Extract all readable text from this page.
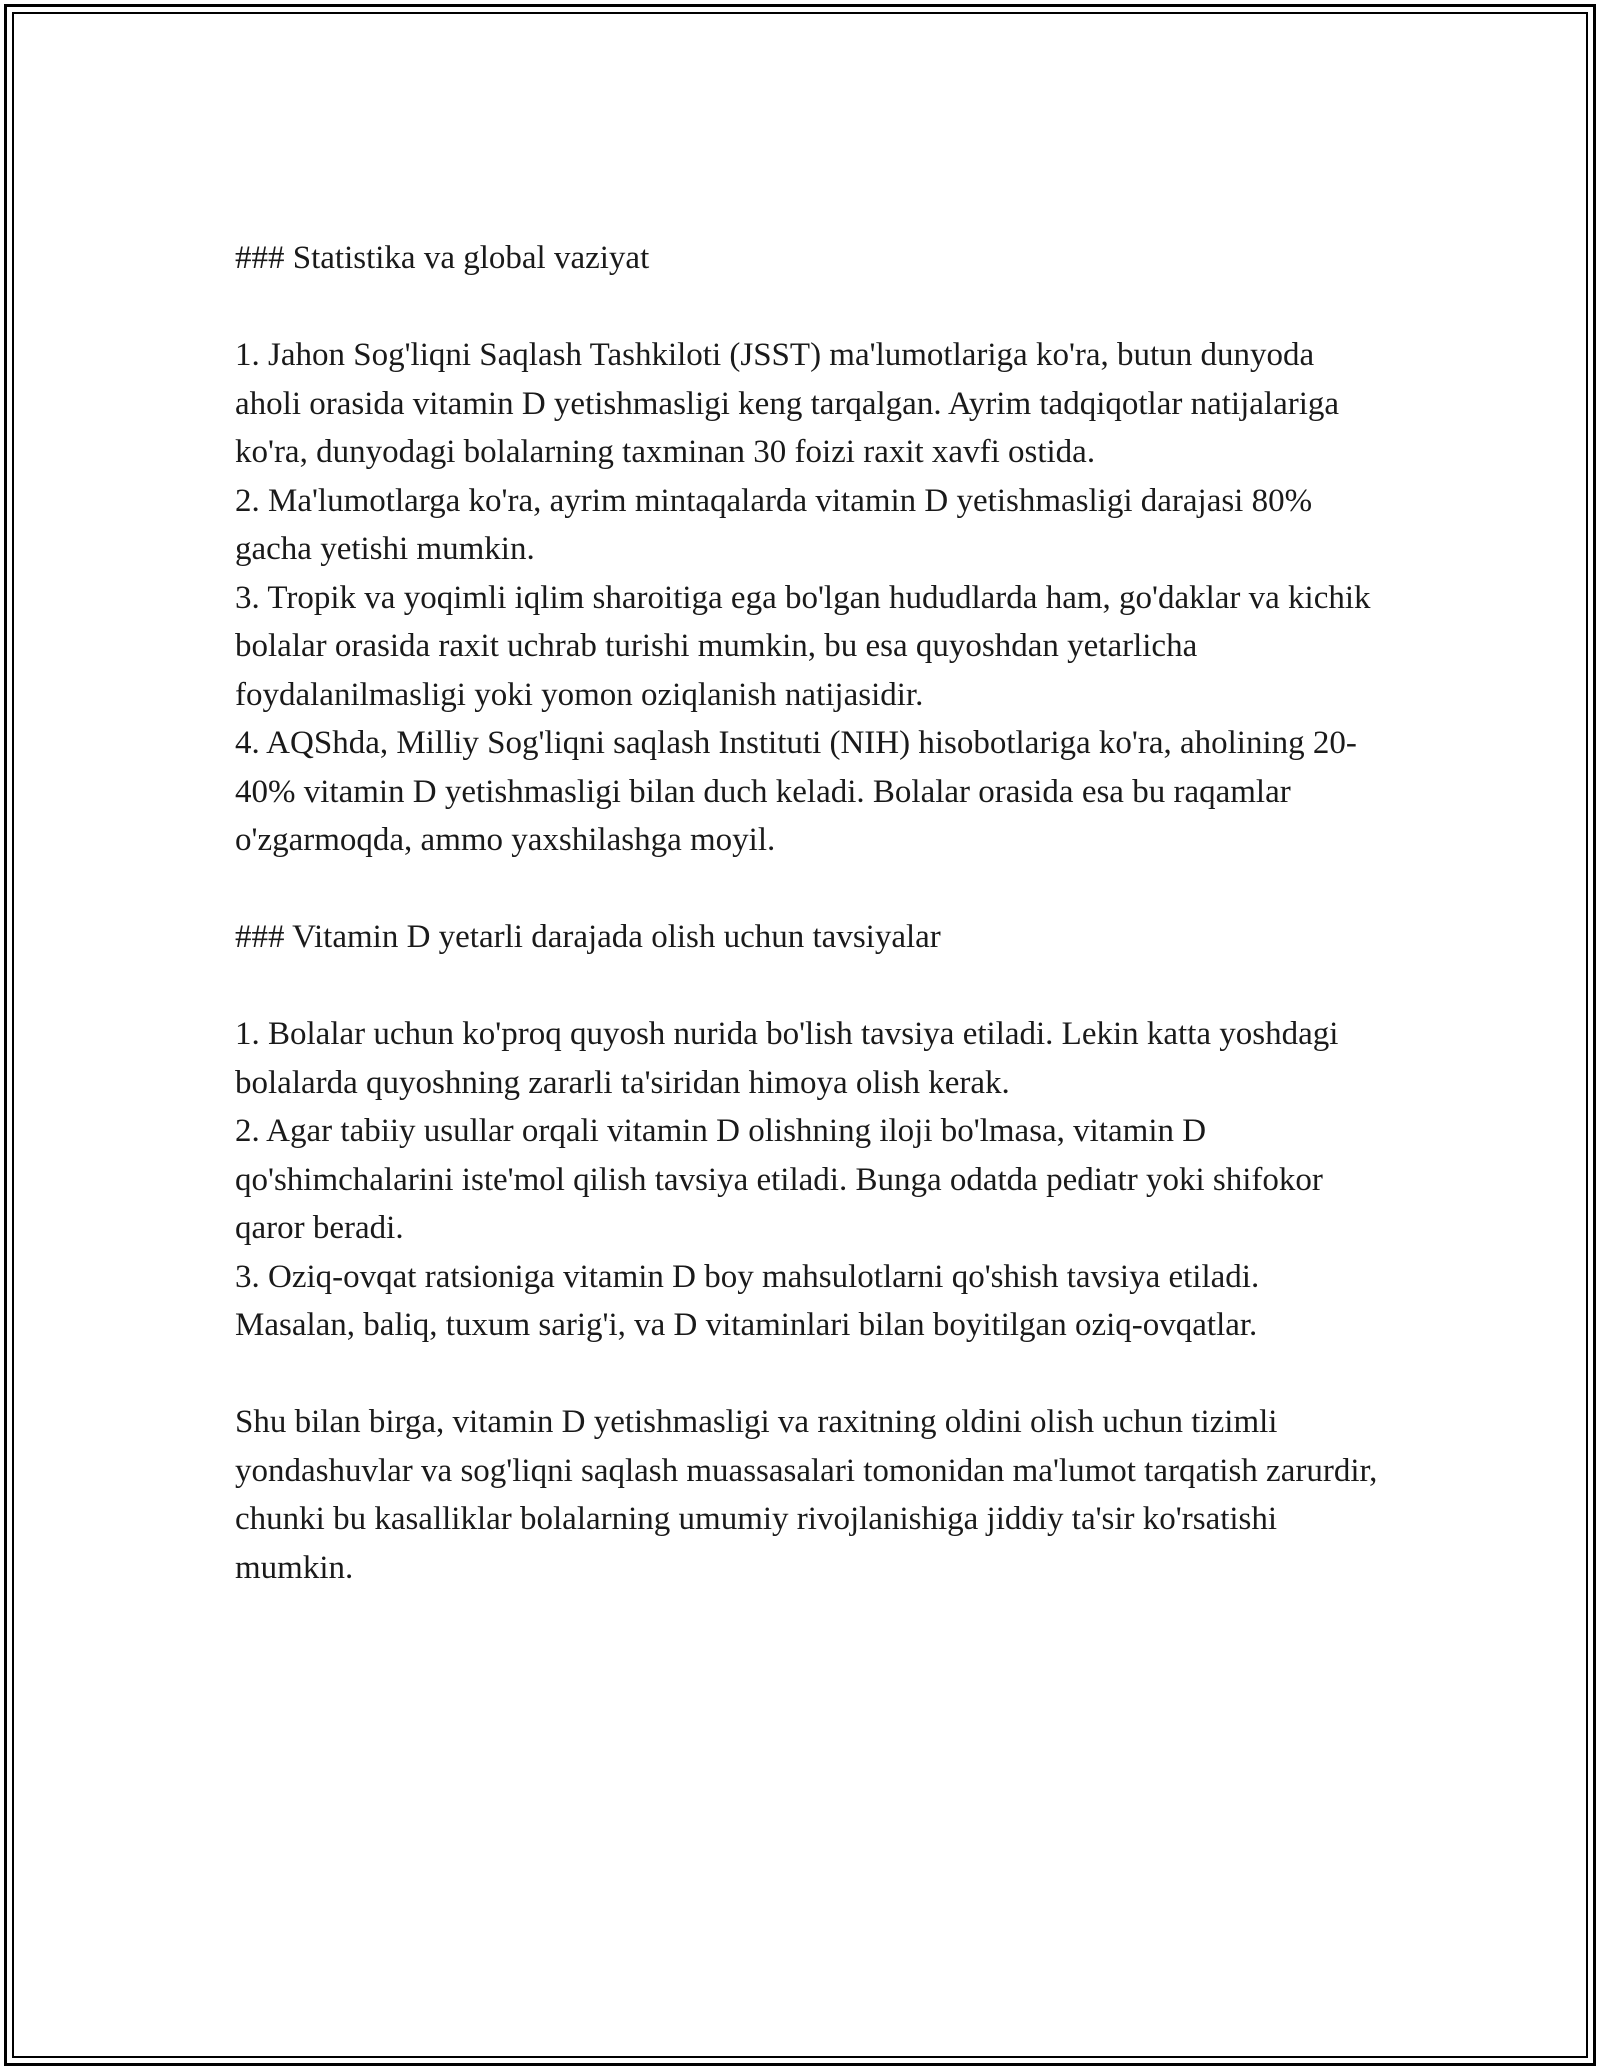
### Statistika va global vaziyat
1. Jahon Sog'liqni Saqlash Tashkiloti (JSST) ma'lumotlariga ko'ra, butun dunyoda aholi orasida vitamin D yetishmasligi keng tarqalgan. Ayrim tadqiqotlar natijalariga ko'ra, dunyodagi bolalarning taxminan 30 foizi raxit xavfi ostida.
2. Ma'lumotlarga ko'ra, ayrim mintaqalarda vitamin D yetishmasligi darajasi 80% gacha yetishi mumkin.
3. Tropik va yoqimli iqlim sharoitiga ega bo'lgan hududlarda ham, go'daklar va kichik bolalar orasida raxit uchrab turishi mumkin, bu esa quyoshdan yetarlicha foydalanilmasligi yoki yomon oziqlanish natijasidir.
4. AQShda, Milliy Sog'liqni saqlash Instituti (NIH) hisobotlariga ko'ra, aholining 20-40% vitamin D yetishmasligi bilan duch keladi. Bolalar orasida esa bu raqamlar o'zgarmoqda, ammo yaxshilashga moyil.
### Vitamin D yetarli darajada olish uchun tavsiyalar
1. Bolalar uchun ko'proq quyosh nurida bo'lish tavsiya etiladi. Lekin katta yoshdagi bolalarda quyoshning zararli ta'siridan himoya olish kerak.
2. Agar tabiiy usullar orqali vitamin D olishning iloji bo'lmasa, vitamin D qo'shimchalarini iste'mol qilish tavsiya etiladi. Bunga odatda pediatr yoki shifokor qaror beradi.
3. Oziq-ovqat ratsioniga vitamin D boy mahsulotlarni qo'shish tavsiya etiladi. Masalan, baliq, tuxum sarig'i, va D vitaminlari bilan boyitilgan oziq-ovqatlar.

Shu bilan birga, vitamin D yetishmasligi va raxitning oldini olish uchun tizimli yondashuvlar va sog'liqni saqlash muassasalari tomonidan ma'lumot tarqatish zarurdir, chunki bu kasalliklar bolalarning umumiy rivojlanishiga jiddiy ta'sir ko'rsatishi mumkin.
